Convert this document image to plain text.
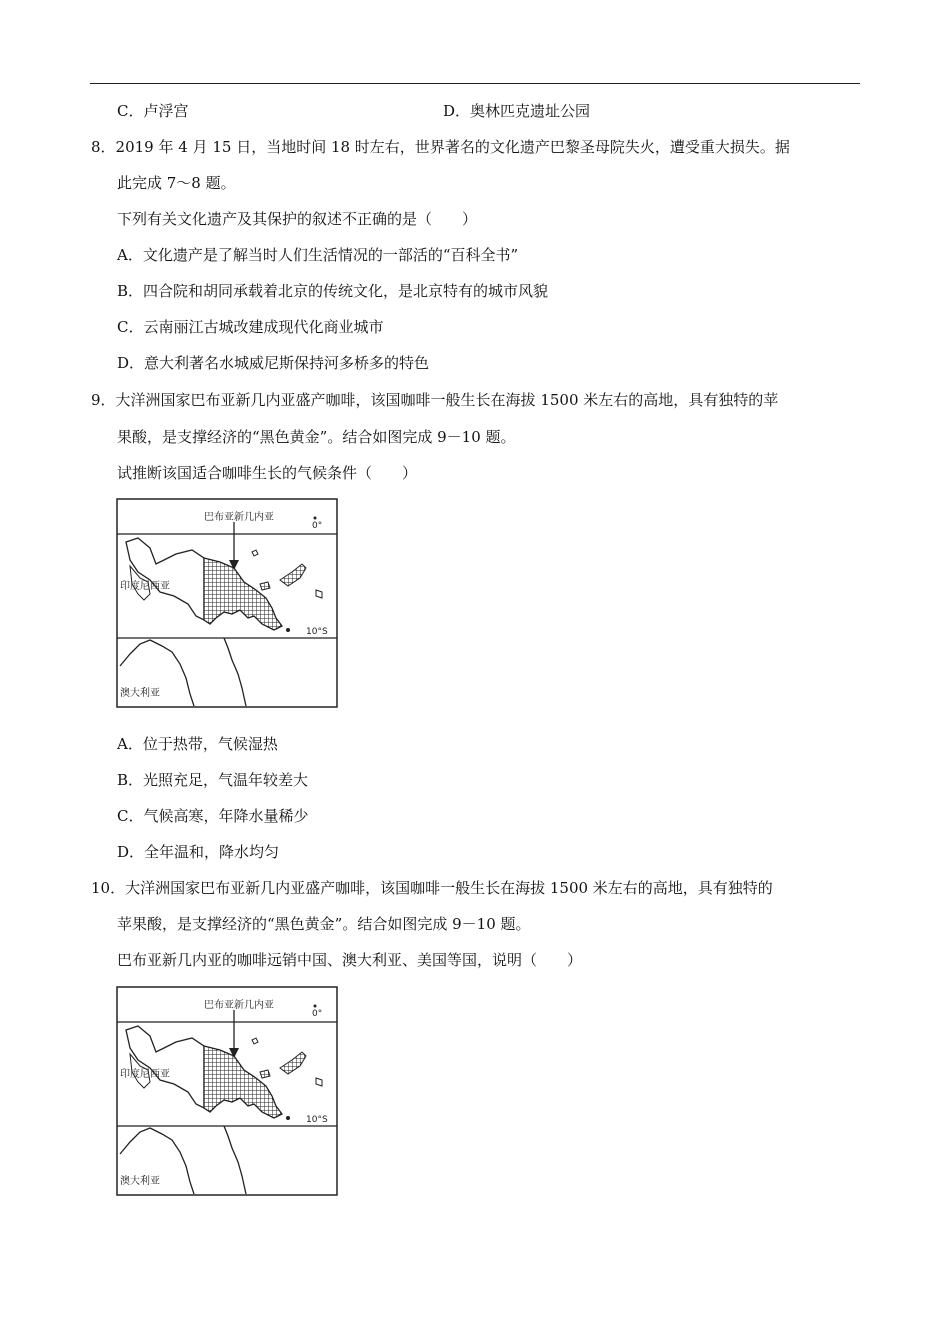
C．卢浮宫	D．奥林匹克遗址公园
8．2019 年 4 月 15 日，当地时间 18 时左右，世界著名的文化遗产巴黎圣母院失火，遭受重大损失。据
此完成 7～8 题。
下列有关文化遗产及其保护的叙述不正确的是（　　）
A．文化遗产是了解当时人们生活情况的一部活的“百科全书”
B．四合院和胡同承载着北京的传统文化，是北京特有的城市风貌
C．云南丽江古城改建成现代化商业城市
D．意大利著名水城威尼斯保持河多桥多的特色
9．大洋洲国家巴布亚新几内亚盛产咖啡，该国咖啡一般生长在海拔 1500 米左右的高地，具有独特的苹
果酸，是支撑经济的“黑色黄金”。结合如图完成 9－10 题。
试推断该国适合咖啡生长的气候条件（　　）
巴布亚新几内亚
印度尼西亚
0°
10°S
澳大利亚
A．位于热带，气候湿热
B．光照充足，气温年较差大
C．气候高寒，年降水量稀少
D．全年温和，降水均匀
10．大洋洲国家巴布亚新几内亚盛产咖啡，该国咖啡一般生长在海拔 1500 米左右的高地，具有独特的
苹果酸，是支撑经济的“黑色黄金”。结合如图完成 9－10 题。
巴布亚新几内亚的咖啡远销中国、澳大利亚、美国等国，说明（　　）
巴布亚新几内亚
印度尼西亚
0°
10°S
澳大利亚
